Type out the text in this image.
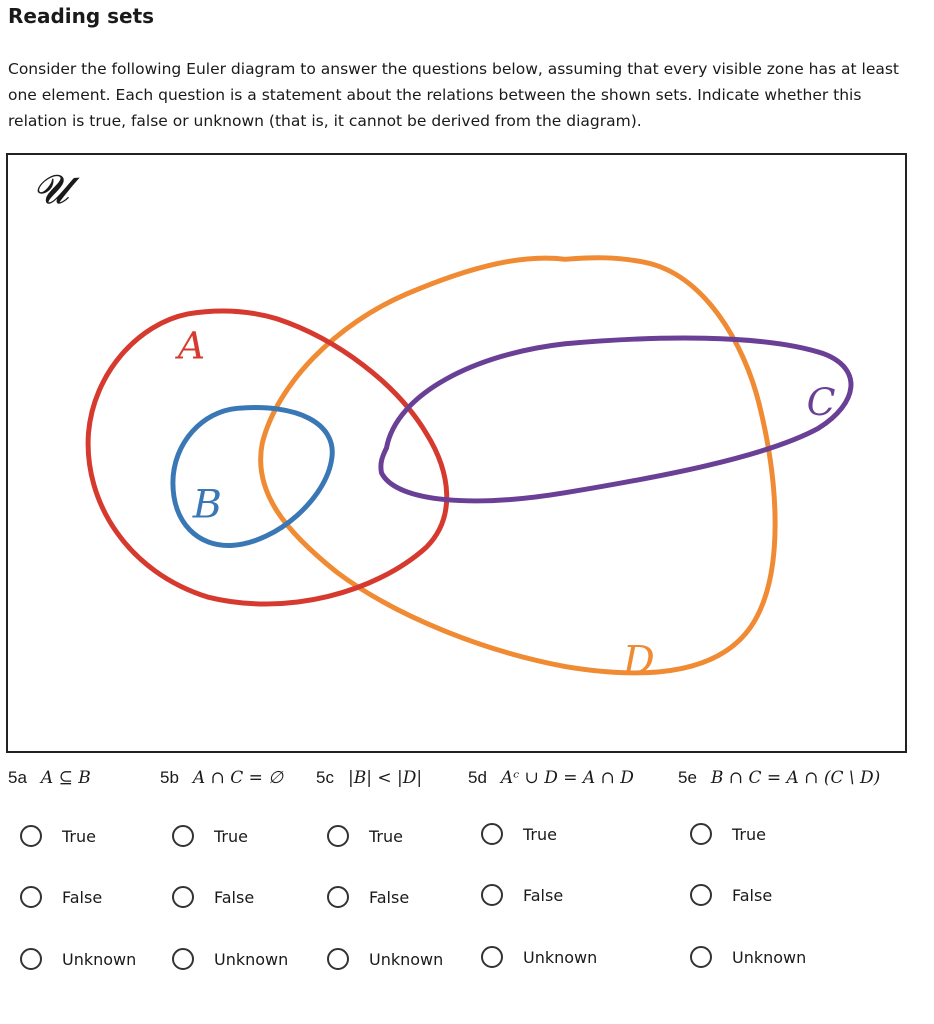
Reading sets
Consider the following Euler diagram to answer the questions below, assuming that every visible zone has at least one element. Each question is a statement about the relations between the shown sets. Indicate whether this relation is true, false or unknown (that is, it cannot be derived from the diagram).
𝓤
A
B
C
D
5a A ⊆ B	5b A ∩ C = ∅ 5c |B| < |D|	5d Aᶜ ∪ D = A ∩ D	5e B ∩ C = A ∩ (C \ D)
True
False
Unknown
True
False
Unknown
True
False
Unknown
True
False
Unknown
True
False
Unknown
